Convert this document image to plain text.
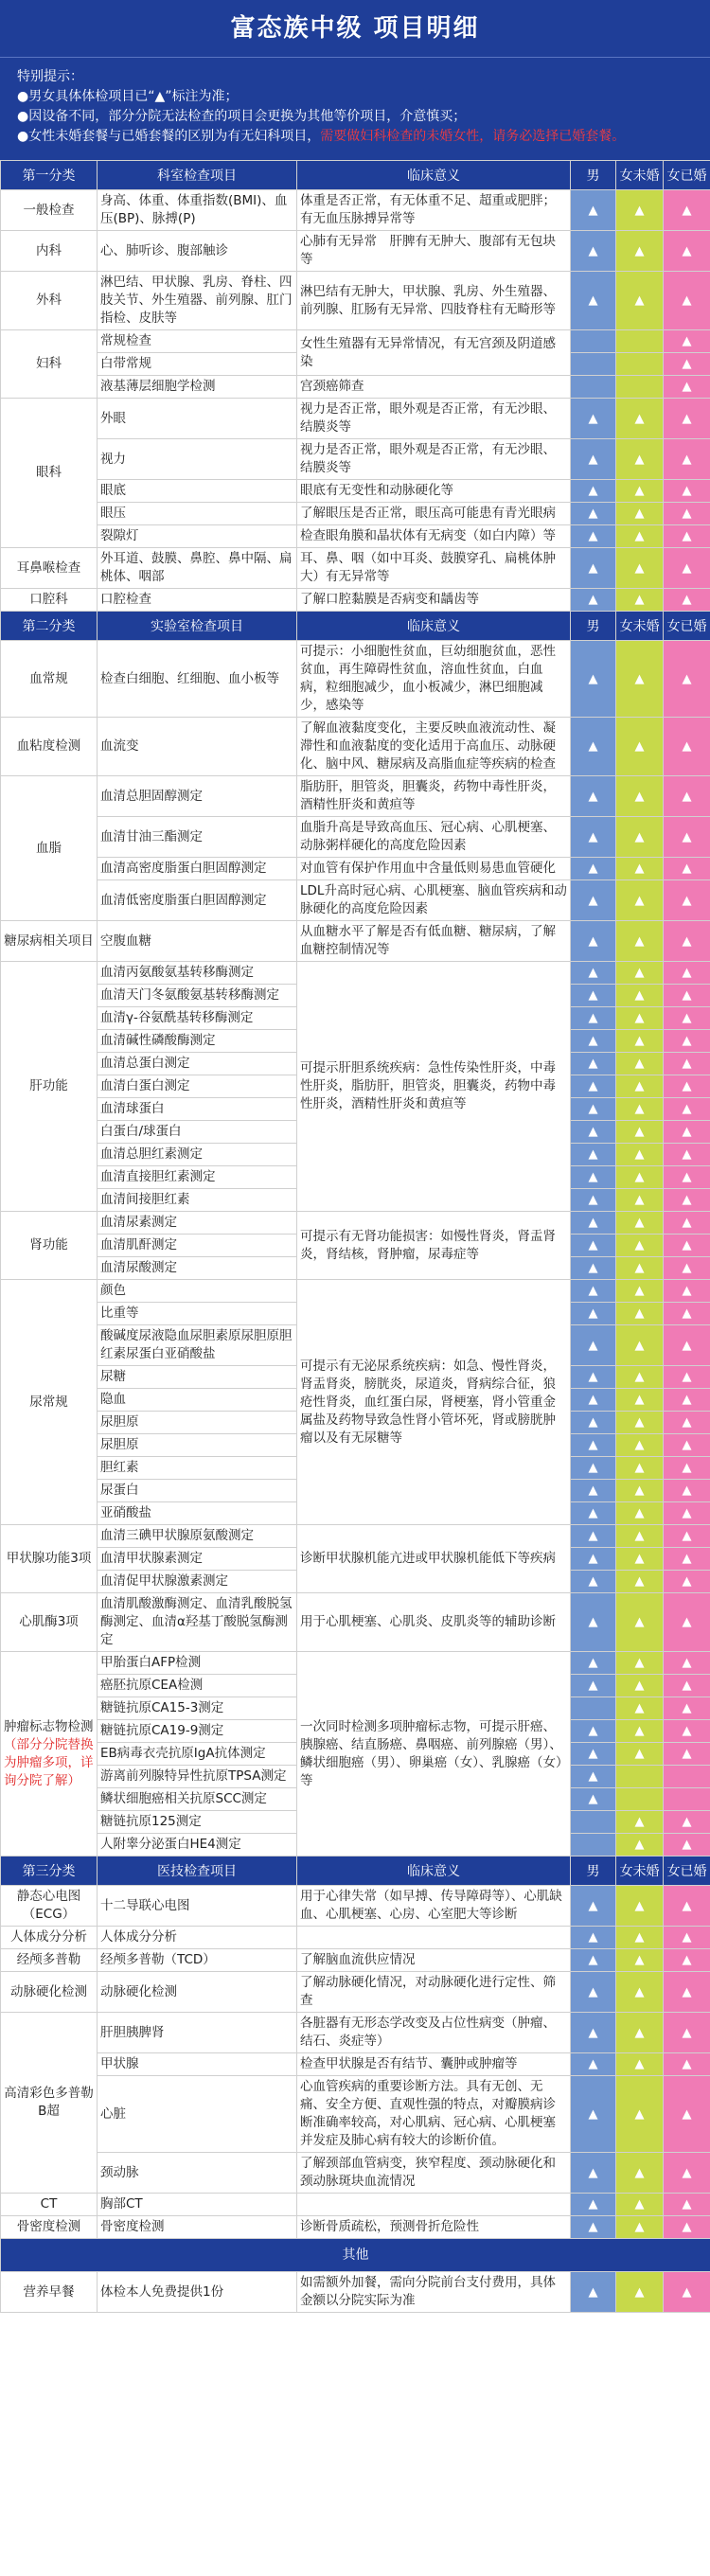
富态族中级 项目明细
特别提示：
●男女具体体检项目已“▲”标注为准；
●因设备不同，部分分院无法检查的项目会更换为其他等价项目，介意慎买；
●女性未婚套餐与已婚套餐的区别为有无妇科项目，需要做妇科检查的未婚女性，请务必选择已婚套餐。
第一分类	科室检查项目	临床意义	男	女未婚	女已婚
一般检查	身高、体重、体重指数(BMI)、血压(BP)、脉搏(P)	体重是否正常，有无体重不足、超重或肥胖；有无血压脉搏异常等	▲	▲	▲
内科	心、肺听诊、腹部触诊	心肺有无异常　肝脾有无肿大、腹部有无包块等	▲	▲	▲
外科	淋巴结、甲状腺、乳房、脊柱、四肢关节、外生殖器、前列腺、肛门指检、皮肤等	淋巴结有无肿大，甲状腺、乳房、外生殖器、前列腺、肛肠有无异常、四肢脊柱有无畸形等	▲	▲	▲
妇科	常规检查	女性生殖器有无异常情况，有无宫颈及阴道感染			▲
	白带常规				▲
	液基薄层细胞学检测	宫颈癌筛查			▲
眼科	外眼	视力是否正常，眼外观是否正常，有无沙眼、结膜炎等	▲	▲	▲
	视力	视力是否正常，眼外观是否正常，有无沙眼、结膜炎等	▲	▲	▲
	眼底	眼底有无变性和动脉硬化等	▲	▲	▲
	眼压	了解眼压是否正常，眼压高可能患有青光眼病	▲	▲	▲
	裂隙灯	检查眼角膜和晶状体有无病变（如白内障）等	▲	▲	▲
耳鼻喉检查	外耳道、鼓膜、鼻腔、鼻中隔、扁桃体、咽部	耳、鼻、咽（如中耳炎、鼓膜穿孔、扁桃体肿大）有无异常等	▲	▲	▲
口腔科	口腔检查	了解口腔黏膜是否病变和龋齿等	▲	▲	▲
第二分类	实验室检查项目	临床意义	男	女未婚	女已婚
血常规	检查白细胞、红细胞、血小板等	可提示：小细胞性贫血，巨幼细胞贫血，恶性贫血，再生障碍性贫血，溶血性贫血，白血病，粒细胞减少，血小板减少，淋巴细胞减少，感染等	▲	▲	▲
血粘度检测	血流变	了解血液黏度变化，主要反映血液流动性、凝滞性和血液黏度的变化适用于高血压、动脉硬化、脑中风、糖尿病及高脂血症等疾病的检查	▲	▲	▲
血脂	血清总胆固醇测定	脂肪肝，胆管炎，胆囊炎，药物中毒性肝炎，酒精性肝炎和黄疸等	▲	▲	▲
	血清甘油三酯测定	血脂升高是导致高血压、冠心病、心肌梗塞、动脉粥样硬化的高度危险因素	▲	▲	▲
	血清高密度脂蛋白胆固醇测定	对血管有保护作用血中含量低则易患血管硬化	▲	▲	▲
	血清低密度脂蛋白胆固醇测定	LDL升高时冠心病、心肌梗塞、脑血管疾病和动脉硬化的高度危险因素	▲	▲	▲
糖尿病相关项目	空腹血糖	从血糖水平了解是否有低血糖、糖尿病，了解血糖控制情况等	▲	▲	▲
肝功能	血清丙氨酸氨基转移酶测定	可提示肝胆系统疾病：急性传染性肝炎，中毒性肝炎，脂肪肝，胆管炎，胆囊炎，药物中毒性肝炎，酒精性肝炎和黄疸等	▲	▲	▲
	血清天门冬氨酸氨基转移酶测定		▲	▲	▲
	血清γ-谷氨酰基转移酶测定		▲	▲	▲
	血清碱性磷酸酶测定		▲	▲	▲
	血清总蛋白测定		▲	▲	▲
	血清白蛋白测定		▲	▲	▲
	血清球蛋白		▲	▲	▲
	白蛋白/球蛋白		▲	▲	▲
	血清总胆红素测定		▲	▲	▲
	血清直接胆红素测定		▲	▲	▲
	血清间接胆红素		▲	▲	▲
肾功能	血清尿素测定	可提示有无肾功能损害：如慢性肾炎，肾盂肾炎，肾结核，肾肿瘤，尿毒症等	▲	▲	▲
	血清肌酐测定		▲	▲	▲
	血清尿酸测定		▲	▲	▲
尿常规	颜色	可提示有无泌尿系统疾病：如急、慢性肾炎，肾盂肾炎，膀胱炎，尿道炎，肾病综合征，狼疮性肾炎，血红蛋白尿，肾梗塞，肾小管重金属盐及药物导致急性肾小管坏死，肾或膀胱肿瘤以及有无尿糖等	▲	▲	▲
	比重等		▲	▲	▲
	酸碱度尿液隐血尿胆素原尿胆原胆红素尿蛋白亚硝酸盐		▲	▲	▲
	尿糖		▲	▲	▲
	隐血		▲	▲	▲
	尿胆原		▲	▲	▲
	尿胆原		▲	▲	▲
	胆红素		▲	▲	▲
	尿蛋白		▲	▲	▲
	亚硝酸盐		▲	▲	▲
甲状腺功能3项	血清三碘甲状腺原氨酸测定	诊断甲状腺机能亢进或甲状腺机能低下等疾病	▲	▲	▲
	血清甲状腺素测定		▲	▲	▲
	血清促甲状腺激素测定		▲	▲	▲
心肌酶3项	血清肌酸激酶测定、血清乳酸脱氢酶测定、血清α羟基丁酸脱氢酶测定	用于心肌梗塞、心肌炎、皮肌炎等的辅助诊断	▲	▲	▲
肿瘤标志物检测（部分分院替换为肿瘤多项，详询分院了解）	甲胎蛋白AFP检测	一次同时检测多项肿瘤标志物，可提示肝癌、胰腺癌、结直肠癌、鼻咽癌、前列腺癌（男）、鳞状细胞癌（男）、卵巢癌（女）、乳腺癌（女）等	▲	▲	▲
	癌胚抗原CEA检测		▲	▲	▲
	糖链抗原CA15-3测定			▲	▲
	糖链抗原CA19-9测定		▲	▲	▲
	EB病毒衣壳抗原IgA抗体测定		▲	▲	▲
	游离前列腺特异性抗原TPSA测定		▲		
	鳞状细胞癌相关抗原SCC测定		▲		
	糖链抗原125测定			▲	▲
	人附睾分泌蛋白HE4测定			▲	▲
第三分类	医技检查项目	临床意义	男	女未婚	女已婚
静态心电图（ECG）	十二导联心电图	用于心律失常（如早搏、传导障碍等）、心肌缺血、心肌梗塞、心房、心室肥大等诊断	▲	▲	▲
人体成分分析	人体成分分析		▲	▲	▲
经颅多普勒	经颅多普勒（TCD）	了解脑血流供应情况	▲	▲	▲
动脉硬化检测	动脉硬化检测	了解动脉硬化情况，对动脉硬化进行定性、筛查	▲	▲	▲
高清彩色多普勒B超	肝胆胰脾肾	各脏器有无形态学改变及占位性病变（肿瘤、结石、炎症等）	▲	▲	▲
	甲状腺	检查甲状腺是否有结节、囊肿或肿瘤等	▲	▲	▲
	心脏	心血管疾病的重要诊断方法。具有无创、无痛、安全方便、直观性强的特点，对瓣膜病诊断准确率较高，对心肌病、冠心病、心肌梗塞并发症及肺心病有较大的诊断价值。	▲	▲	▲
	颈动脉	了解颈部血管病变，狭窄程度、颈动脉硬化和颈动脉斑块血流情况	▲	▲	▲
CT	胸部CT		▲	▲	▲
骨密度检测	骨密度检测	诊断骨质疏松，预测骨折危险性	▲	▲	▲
其他					
营养早餐	体检本人免费提供1份	如需额外加餐，需向分院前台支付费用，具体金额以分院实际为准	▲	▲	▲
